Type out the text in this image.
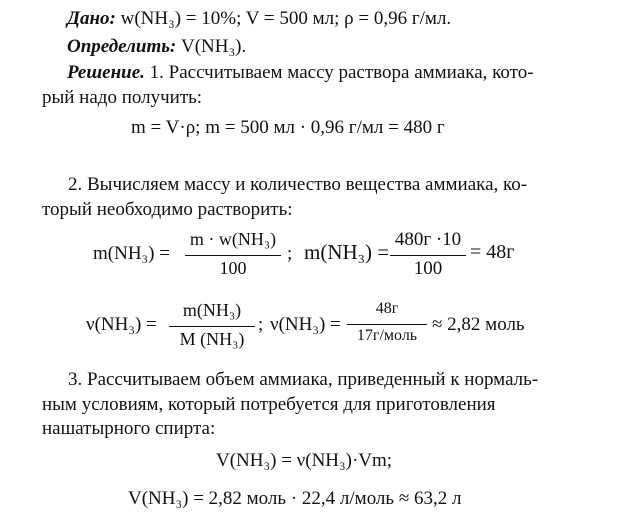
Дано: w(NH₃) = 10%; V = 500 мл; ρ = 0,96 г/мл.
Определить: V(NH₃).
Решение. 1. Рассчитываем массу раствора аммиака, кото-
рый надо получить:
m = V·ρ; m = 500 мл · 0,96 г/мл = 480 г
2. Вычисляем массу и количество вещества аммиака, ко-
торый необходимо растворить:
m(NH₃) =
m · w(NH₃)
100
; m(NH₃) =
480г ·10
100
= 48г
ν(NH₃) =
m(NH₃)
M (NH₃)
; ν(NH₃) =
48г
17г/моль
≈ 2,82 моль
3. Рассчитываем объем аммиака, приведенный к нормаль-
ным условиям, который потребуется для приготовления
нашатырного спирта:
V(NH₃) = ν(NH₃)·Vm;
V(NH₃) = 2,82 моль · 22,4 л/моль ≈ 63,2 л
